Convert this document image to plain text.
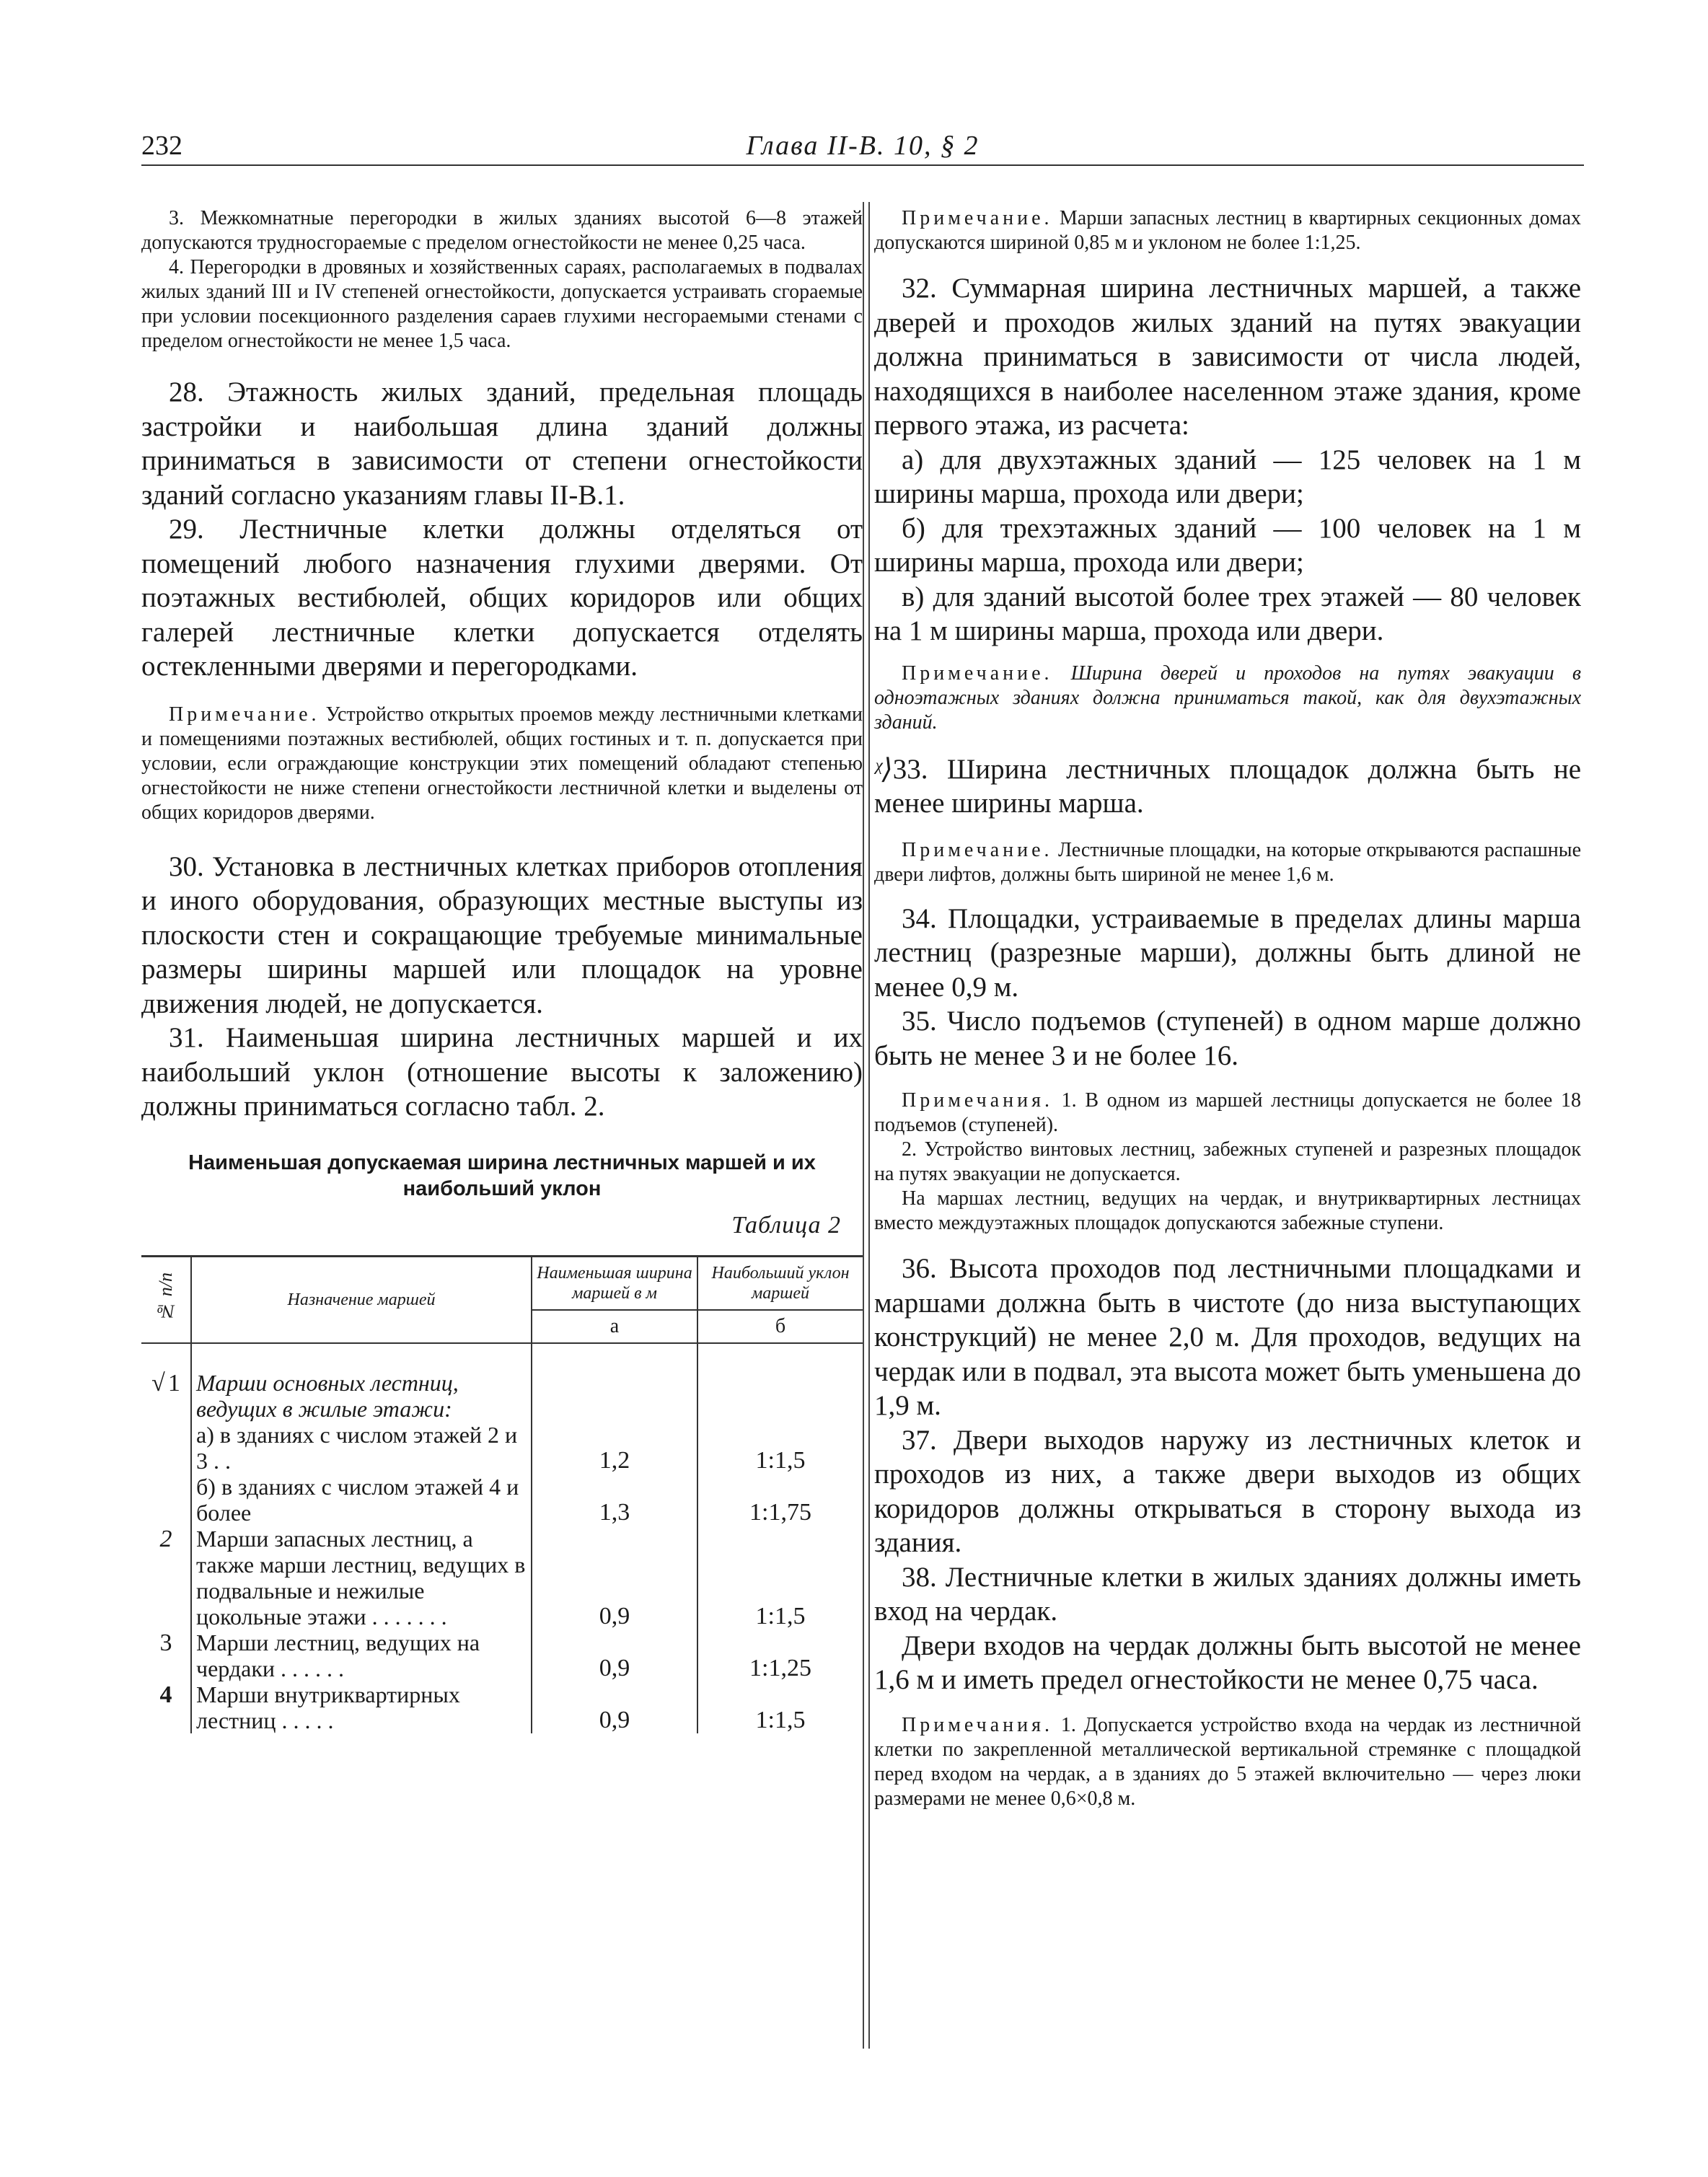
232	Глава II-В. 10, § 2

3. Межкомнатные перегородки в жилых зданиях высотой 6—8 этажей допускаются трудносгораемые с пределом огнестойкости не менее 0,25 часа.

4. Перегородки в дровяных и хозяйственных сараях, располагаемых в подвалах жилых зданий III и IV степеней огнестойкости, допускается устраивать сгораемые при условии посекционного разделения сараев глухими несгораемыми стенами с пределом огнестойкости не менее 1,5 часа.

28. Этажность жилых зданий, предельная площадь застройки и наибольшая длина зданий должны приниматься в зависимости от степени огнестойкости зданий согласно указаниям главы II-В.1.

29. Лестничные клетки должны отделяться от помещений любого назначения глухими дверями. От поэтажных вестибюлей, общих коридоров или общих галерей лестничные клетки допускается отделять остекленными дверями и перегородками.

Примечание. Устройство открытых проемов между лестничными клетками и помещениями поэтажных вестибюлей, общих гостиных и т. п. допускается при условии, если ограждающие конструкции этих помещений обладают степенью огнестойкости не ниже степени огнестойкости лестничной клетки и выделены от общих коридоров дверями.

30. Установка в лестничных клетках приборов отопления и иного оборудования, образующих местные выступы из плоскости стен и сокращающие требуемые минимальные размеры ширины маршей или площадок на уровне движения людей, не допускается.

31. Наименьшая ширина лестничных маршей и их наибольший уклон (отношение высоты к заложению) должны приниматься согласно табл. 2.

Наименьшая допускаемая ширина лестничных маршей и их наибольший уклон

Таблица 2

№ п/п	Назначение маршей	Наименьшая ширина маршей в м	Наибольший уклон маршей
		а	б

√ 1	Марши основных лестниц, ведущих в жилые этажи:		
	а) в зданиях с числом этажей 2 и 3 . .	1,2	1:1,5
	б) в зданиях с числом этажей 4 и более	1,3	1:1,75
2	Марши запасных лестниц, а также марши лестниц, ведущих в подвальные и нежилые цокольные этажи . . . . . . .	0,9	1:1,5
3	Марши лестниц, ведущих на чердаки . . . . . .	0,9	1:1,25
4	Марши внутриквартирных лестниц . . . . .	0,9	1:1,5

Примечание. Марши запасных лестниц в квартирных секционных домах допускаются шириной 0,85 м и уклоном не более 1:1,25.

32. Суммарная ширина лестничных маршей, а также дверей и проходов жилых зданий на путях эвакуации должна приниматься в зависимости от числа людей, находящихся в наиболее населенном этаже здания, кроме первого этажа, из расчета:

а) для двухэтажных зданий — 125 человек на 1 м ширины марша, прохода или двери;

б) для трехэтажных зданий — 100 человек на 1 м ширины марша, прохода или двери;

в) для зданий высотой более трех этажей — 80 человек на 1 м ширины марша, прохода или двери.

Примечание. Ширина дверей и проходов на путях эвакуации в одноэтажных зданиях должна приниматься такой, как для двухэтажных зданий.

ᵡ⟩33. Ширина лестничных площадок должна быть не менее ширины марша.

Примечание. Лестничные площадки, на которые открываются распашные двери лифтов, должны быть шириной не менее 1,6 м.

34. Площадки, устраиваемые в пределах длины марша лестниц (разрезные марши), должны быть длиной не менее 0,9 м.

35. Число подъемов (ступеней) в одном марше должно быть не менее 3 и не более 16.

Примечания. 1. В одном из маршей лестницы допускается не более 18 подъемов (ступеней).

2. Устройство винтовых лестниц, забежных ступеней и разрезных площадок на путях эвакуации не допускается.

На маршах лестниц, ведущих на чердак, и внутриквартирных лестницах вместо междуэтажных площадок допускаются забежные ступени.

36. Высота проходов под лестничными площадками и маршами должна быть в чистоте (до низа выступающих конструкций) не менее 2,0 м. Для проходов, ведущих на чердак или в подвал, эта высота может быть уменьшена до 1,9 м.

37. Двери выходов наружу из лестничных клеток и проходов из них, а также двери выходов из общих коридоров должны открываться в сторону выхода из здания.

38. Лестничные клетки в жилых зданиях должны иметь вход на чердак.

Двери входов на чердак должны быть высотой не менее 1,6 м и иметь предел огнестойкости не менее 0,75 часа.

Примечания. 1. Допускается устройство входа на чердак из лестничной клетки по закрепленной металлической вертикальной стремянке с площадкой перед входом на чердак, а в зданиях до 5 этажей включительно — через люки размерами не менее 0,6×0,8 м.
